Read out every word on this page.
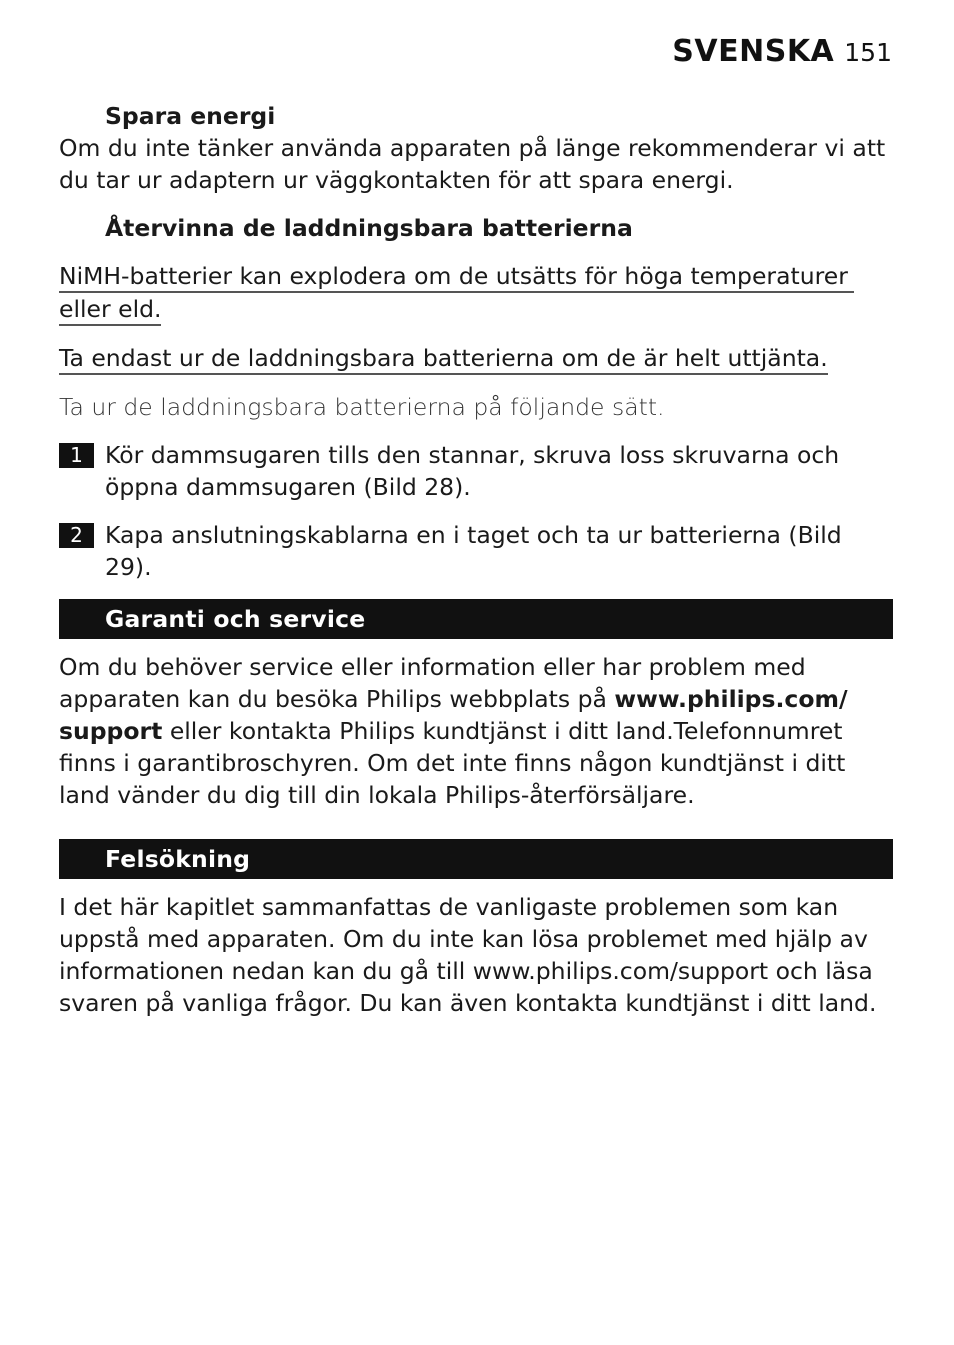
SVENSKA 151

Spara energi

Om du inte tänker använda apparaten på länge rekommenderar vi att du tar ur adaptern ur väggkontakten för att spara energi.

Återvinna de laddningsbara batterierna

NiMH-batterier kan explodera om de utsätts för höga temperaturer
eller eld.
Ta endast ur de laddningsbara batterierna om de är helt uttjänta.

Ta ur de laddningsbara batterierna på följande sätt.

1 Kör dammsugaren tills den stannar, skruva loss skruvarna och öppna dammsugaren (Bild 28).
2 Kapa anslutningskablarna en i taget och ta ur batterierna (Bild 29).
Garanti och service

Om du behöver service eller information eller har problem med apparaten kan du besöka Philips webbplats på www.philips.com/ support eller kontakta Philips kundtjänst i ditt land.Telefonnumret finns i garantibroschyren. Om det inte finns någon kundtjänst i ditt land vänder du dig till din lokala Philips-återförsäljare.

Felsökning

I det här kapitlet sammanfattas de vanligaste problemen som kan uppstå med apparaten. Om du inte kan lösa problemet med hjälp av informationen nedan kan du gå till www.philips.com/support och läsa svaren på vanliga frågor. Du kan även kontakta kundtjänst i ditt land.
